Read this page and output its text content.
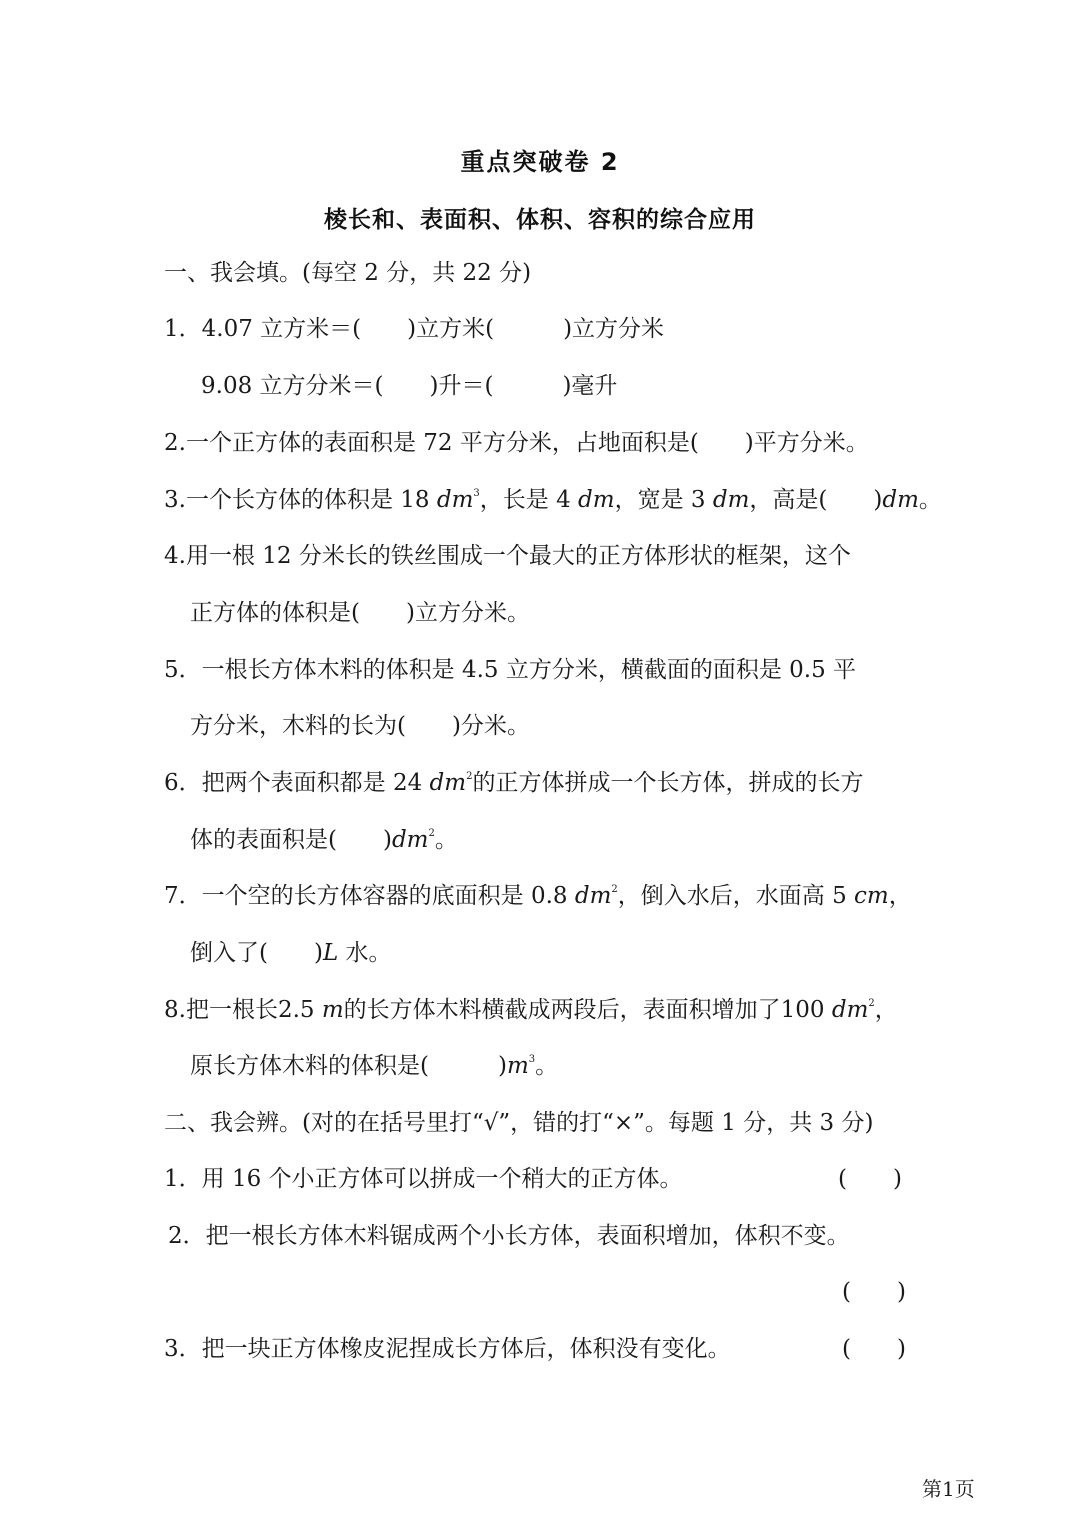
重点突破卷 2
棱长和、表面积、体积、容积的综合应用
一、我会填。(每空 2 分，共 22 分)
1．4.07 立方米＝(　　)立方米(　　　)立方分米
9.08 立方分米＝(　　)升＝(　　　)毫升
2.一个正方体的表面积是 72 平方分米，占地面积是(　　)平方分米。
3.一个长方体的体积是 18 $dm^3$，长是 4 dm，宽是 3 dm，高是(　　)dm。
4.用一根 12 分米长的铁丝围成一个最大的正方体形状的框架，这个
正方体的体积是(　　)立方分米。
5．一根长方体木料的体积是 4.5 立方分米，横截面的面积是 0.5 平
方分米，木料的长为(　　)分米。
6．把两个表面积都是 24 $dm^2$的正方体拼成一个长方体，拼成的长方
体的表面积是(　　)$dm^2$。
7．一个空的长方体容器的底面积是 0.8 $dm^2$，倒入水后，水面高 5 cm，
倒入了(　　)L 水。
8.把一根长2.5 m的长方体木料横截成两段后，表面积增加了100 $dm^2$，
原长方体木料的体积是(　　　)$m^3$。
二、我会辨。(对的在括号里打“√”，错的打“×”。每题 1 分，共 3 分)
1．用 16 个小正方体可以拼成一个稍大的正方体。	(　　)
2．把一根长方体木料锯成两个小长方体，表面积增加，体积不变。
(　　)
3．把一块正方体橡皮泥捏成长方体后，体积没有变化。	(　　)
第1页
